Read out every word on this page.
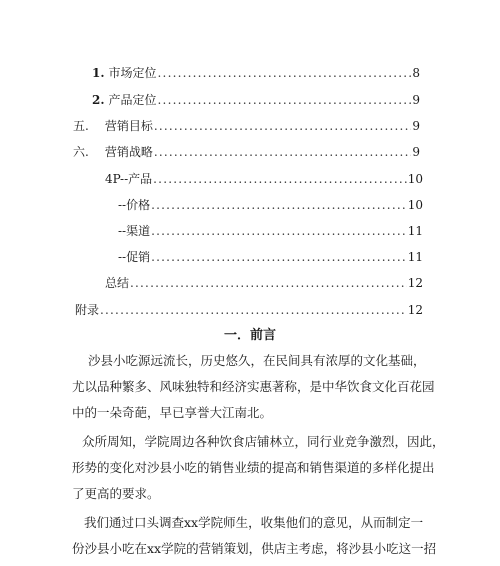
1. 市场定位 .....	8
2. 产品定位 .....	9
五. 营销目标 .....	9
六. 营销战略 .....	9
4P--产品 .....	10
--价格 .....	10
--渠道 .....	11
--促销 .....	11
总结 .....	12
附录 .....	12
一．前言
沙县小吃源远流长，历史悠久，在民间具有浓厚的文化基础，
尤以品种繁多、风味独特和经济实惠著称，是中华饮食文化百花园
中的一朵奇葩，早已享誉大江南北。
众所周知，学院周边各种饮食店铺林立，同行业竞争激烈，因此，
形势的变化对沙县小吃的销售业绩的提高和销售渠道的多样化提出
了更高的要求。
我们通过口头调查xx学院师生，收集他们的意见，从而制定一
份沙县小吃在xx学院的营销策划，供店主考虑，将沙县小吃这一招
